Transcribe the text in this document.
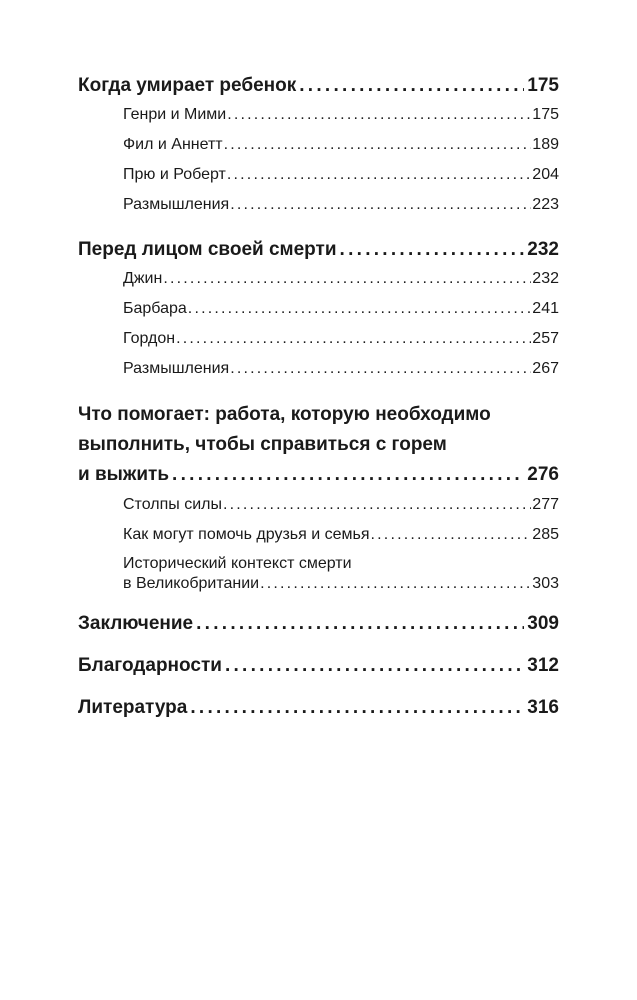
Когда умирает ребенок . .	175
Генри и Мими .....	175
Фил и Аннетт .....	189
Прю и Роберт .....	204
Размышления .....	223
Перед лицом своей смерти . .	232
Джин .....	232
Барбара .....	241
Гордон .....	257
Размышления .....	267
Что помогает: работа, которую необходимо
выполнить, чтобы справиться с горем
и выжить . .	276
Столпы силы .....	277
Как могут помочь друзья и семья .....	285
Исторический контекст смерти
в Великобритании .....	303
Заключение . .	309
Благодарности . .	312
Литература . .	316
